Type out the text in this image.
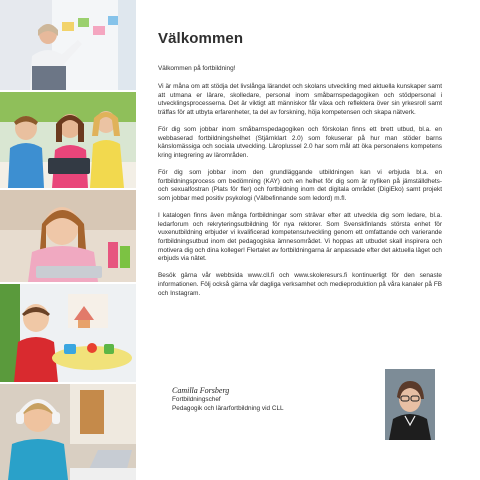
Välkommen

Välkommen på fortbildning!

Vi är måna om att stödja det livslånga lärandet och skolans utveckling med aktuella kunskaper samt att utmana er lärare, skolledare, personal inom småbarnspedagogiken och stödpersonal i utvecklingsprocesserna. Det är viktigt att människor får växa och reflektera över sin yrkesroll samt träffas för att utbyta erfarenheter, ta del av forskning, höja kompetensen och skapa nätverk.

För dig som jobbar inom småbarnspedagogiken och förskolan finns ett brett utbud, bl.a. en webbaserad fortbildningshelhet (Stjärnklart 2.0) som fokuserar på hur man stöder barns känslomässiga och sociala utveckling. Läroplussel 2.0 har som mål att öka personalens kompetens kring integrering av lärområden.

För dig som jobbar inom den grundläggande utbildningen kan vi erbjuda bl.a. en fortbildningsprocess om bedömning (KAY) och en helhet för dig som är nyfiken på jämställdhets- och sexualfostran (Plats för fler) och fortbildning inom det digitala området (DigiEko) samt projekt som jobbar med positiv psykologi (Välbefinnande som ledord) m.fl.

I katalogen finns även många fortbildningar som strävar efter att utveckla dig som ledare, bl.a. ledarforum och rekryteringsutbildning för nya rektorer. Som Svenskfinlands största enhet för vuxenutbildning erbjuder vi kvalificerad kompetensutveckling genom ett omfattande och varierande fortbildningsutbud inom det pedagogiska ämnesområdet. Vi hoppas att utbudet skall inspirera och motivera dig och dina kolleger! Flertalet av fortbildningarna är anpassade efter det aktuella läget och erbjuds via nätet.

Besök gärna vår webbsida www.cll.fi och www.skoleresurs.fi kontinuerligt för den senaste informationen. Följ också gärna vår dagliga verksamhet och medieproduktion på våra kanaler på FB och Instagram.

Camilla Forsberg

Fortbildningschef

Pedagogik och lärarfortbildning vid CLL
